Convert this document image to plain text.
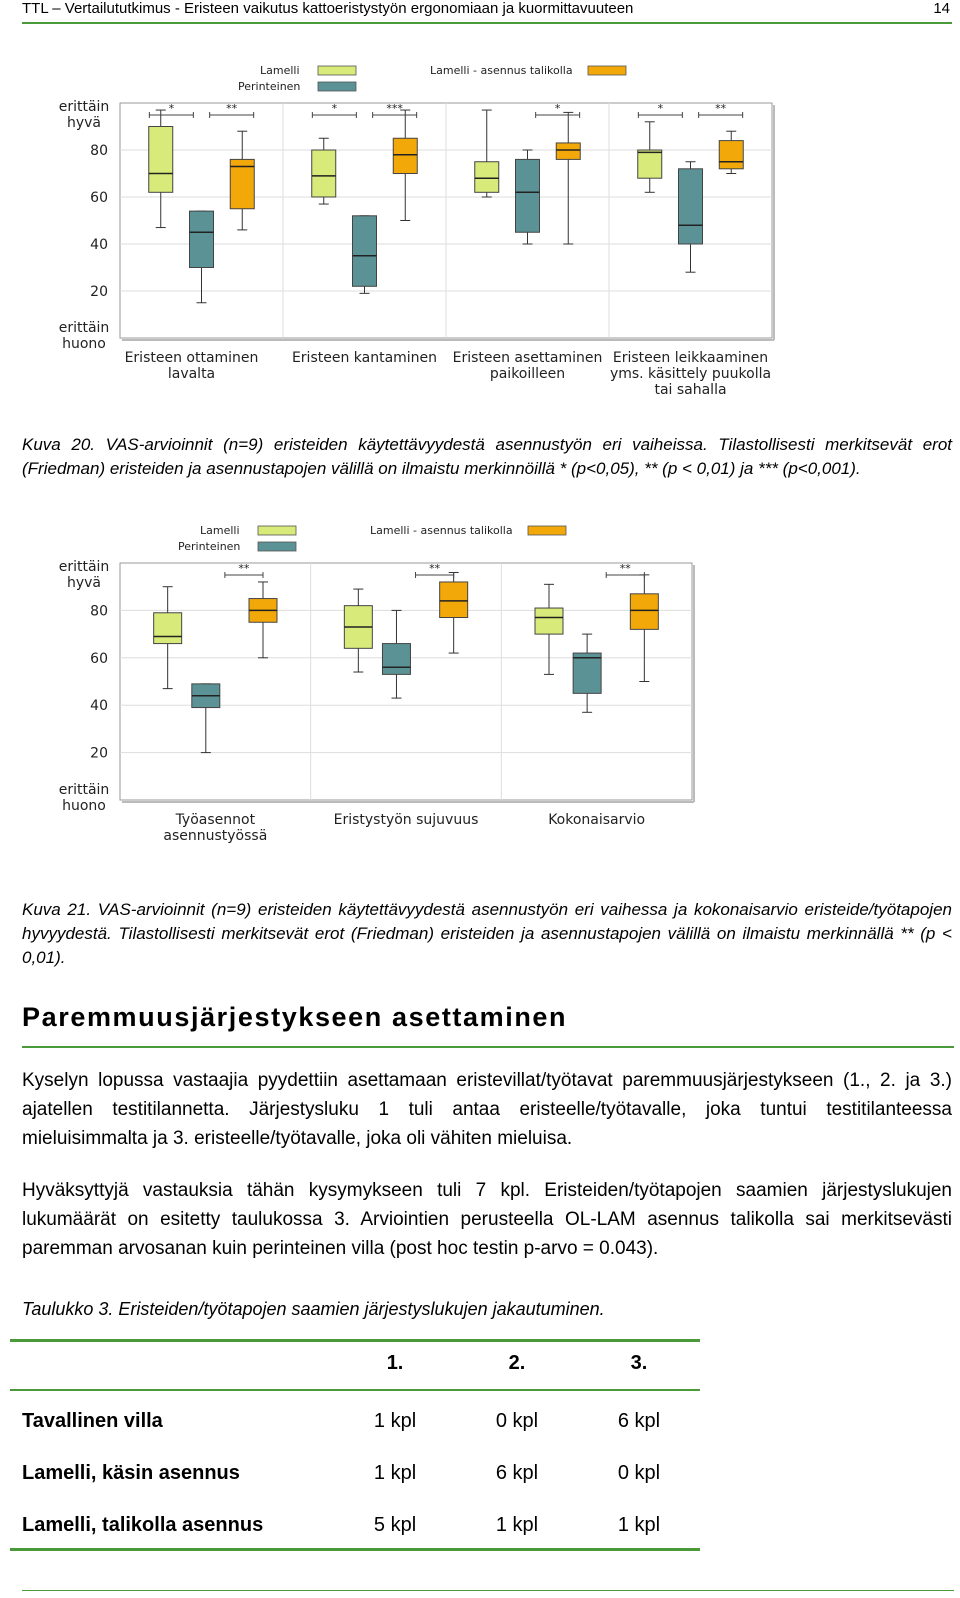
TTL – Vertailututkimus - Eristeen vaikutus kattoeristystyön ergonomiaan ja kuormittavuuteen	14
Lamelli
Perinteinen
Lamelli - asennus talikolla
20
40
60
80
erittäin
hyvä
erittäin
huono
*	**
Eristeen ottaminen
lavalta
*	***
Eristeen kantaminen
*
Eristeen asettaminen
paikoilleen
*	**
Eristeen leikkaaminen
yms. käsittely puukolla
tai sahalla
Kuva 20. VAS-arvioinnit (n=9) eristeiden käytettävyydestä asennustyön eri vaiheissa. Tilastollisesti merkitsevät erot (Friedman) eristeiden ja asennustapojen välillä on ilmaistu merkinnöillä * (p<0,05), ** (p < 0,01) ja *** (p<0,001).
Lamelli
Perinteinen
Lamelli - asennus talikolla
20
40
60
80
erittäin
hyvä
erittäin
huono
**
Työasennot
asennustyössä
**
Eristystyön sujuvuus
**
Kokonaisarvio
Kuva 21. VAS-arvioinnit (n=9) eristeiden käytettävyydestä asennustyön eri vaihessa ja kokonaisarvio eristeide/työtapojen hyvyydestä. Tilastollisesti merkitsevät erot (Friedman) eristeiden ja asennustapojen välillä on ilmaistu merkinnällä ** (p < 0,01).
Paremmuusjärjestykseen asettaminen
Kyselyn lopussa vastaajia pyydettiin asettamaan eristevillat/työtavat paremmuusjärjestykseen (1., 2. ja 3.) ajatellen testitilannetta. Järjestysluku 1 tuli antaa eristeelle/työtavalle, joka tuntui testitilanteessa mieluisimmalta ja 3. eristeelle/työtavalle, joka oli vähiten mieluisa.
Hyväksyttyjä vastauksia tähän kysymykseen tuli 7 kpl. Eristeiden/työtapojen saamien järjestyslukujen lukumäärät on esitetty taulukossa 3. Arviointien perusteella OL-LAM asennus talikolla sai merkitsevästi paremman arvosanan kuin perinteinen villa (post hoc testin p-arvo = 0.043).
Taulukko 3. Eristeiden/työtapojen saamien järjestyslukujen jakautuminen.
	1.	2.	3.

Tavallinen villa	1 kpl	0 kpl	6 kpl
Lamelli, käsin asennus	1 kpl	6 kpl	0 kpl
Lamelli, talikolla asennus	5 kpl	1 kpl	1 kpl
